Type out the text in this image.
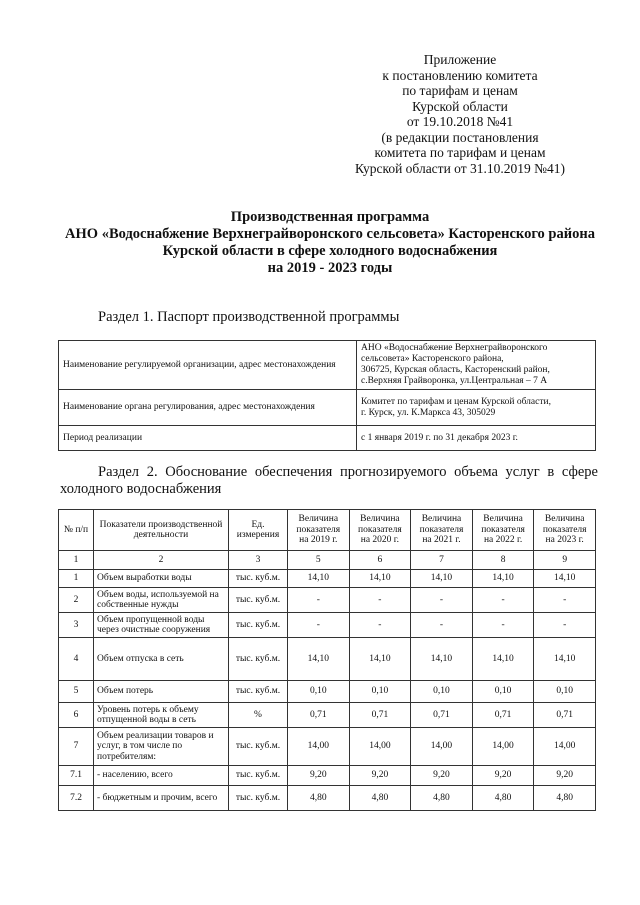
Приложение
к постановлению комитета
по тарифам и ценам
Курской области
от 19.10.2018 №41
(в редакции постановления
комитета по тарифам и ценам
Курской области от 31.10.2019 №41)
Производственная программа
АНО «Водоснабжение Верхнеграйворонского сельсовета» Касторенского района
Курской области в сфере холодного водоснабжения
на 2019 - 2023 годы
Раздел 1. Паспорт производственной программы
Наименование регулируемой организации, адрес местонахождения	АНО «Водоснабжение Верхнеграйворонского
сельсовета» Касторенского района,
306725, Курская область, Касторенский район,
с.Верхняя Грайворонка, ул.Центральная – 7 А

Наименование органа регулирования, адрес местонахождения	Комитет по тарифам и ценам Курской области,
г. Курск, ул. К.Маркса 43, 305029

Период реализации	с 1 января 2019 г. по 31 декабря 2023 г.
Раздел 2. Обоснование обеспечения прогнозируемого объема услуг в сфере холодного водоснабжения
№ п/п	Показатели производственной деятельности	Ед. измерения	Величина показателя на 2019 г.	Величина показателя на 2020 г.	Величина показателя на 2021 г.	Величина показателя на 2022 г.	Величина показателя на 2023 г.
1	2	3	5	6	7	8	9
1	Объем выработки воды	тыс. куб.м.	14,10	14,10	14,10	14,10	14,10
2	Объем воды, используемой на собственные нужды	тыс. куб.м.	-	-	-	-	-
3	Объем пропущенной воды через очистные сооружения	тыс. куб.м.	-	-	-	-	-
4	Объем отпуска в сеть	тыс. куб.м.	14,10	14,10	14,10	14,10	14,10
5	Объем потерь	тыс. куб.м.	0,10	0,10	0,10	0,10	0,10
6	Уровень потерь к объему отпущенной воды в сеть	%	0,71	0,71	0,71	0,71	0,71
7	Объем реализации товаров и услуг, в том числе по потребителям:	тыс. куб.м.	14,00	14,00	14,00	14,00	14,00
7.1	- населению, всего	тыс. куб.м.	9,20	9,20	9,20	9,20	9,20
7.2	- бюджетным и прочим, всего	тыс. куб.м.	4,80	4,80	4,80	4,80	4,80
